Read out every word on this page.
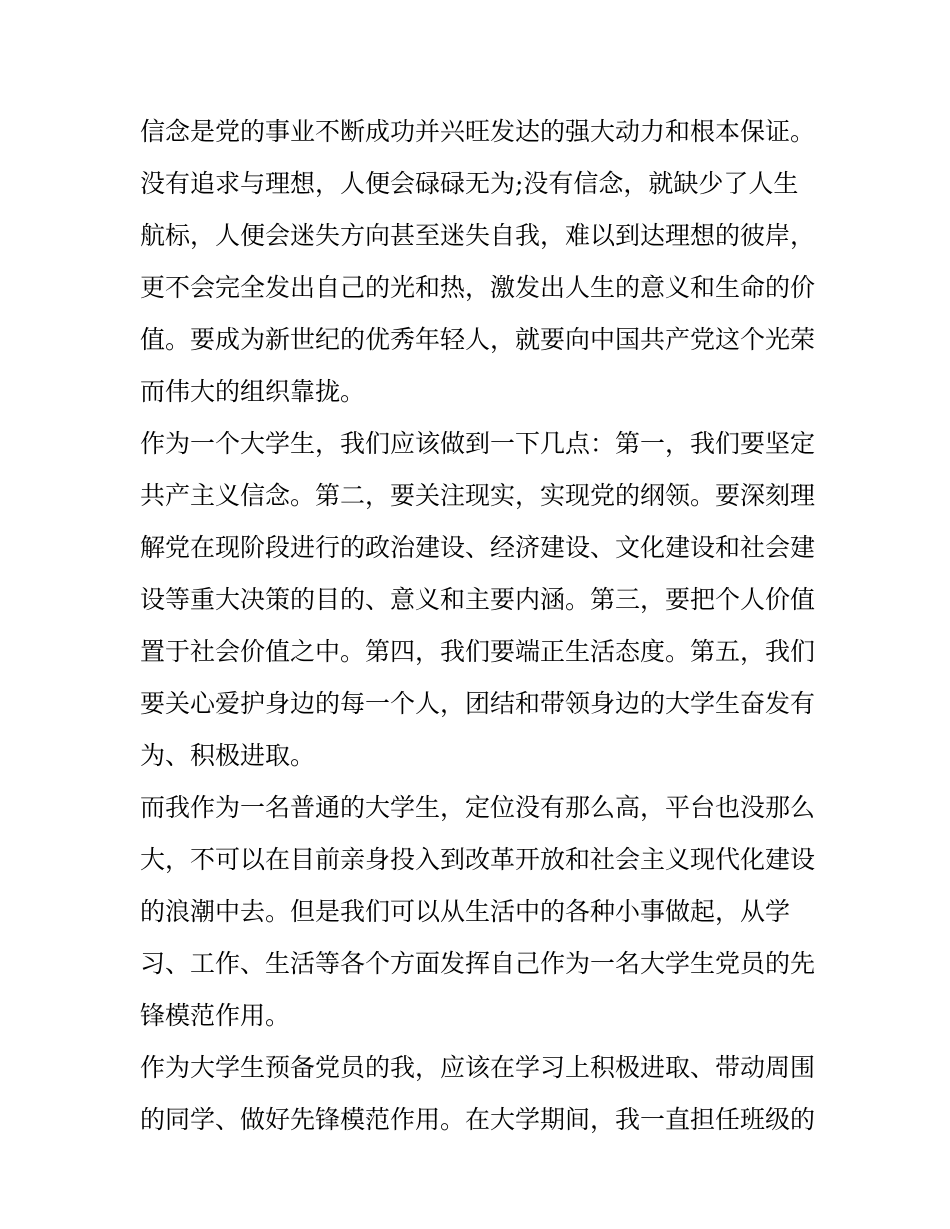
信念是党的事业不断成功并兴旺发达的强大动力和根本保证。
没有追求与理想，人便会碌碌无为;没有信念，就缺少了人生
航标，人便会迷失方向甚至迷失自我，难以到达理想的彼岸，
更不会完全发出自己的光和热，激发出人生的意义和生命的价
值。要成为新世纪的优秀年轻人，就要向中国共产党这个光荣
而伟大的组织靠拢。
作为一个大学生，我们应该做到一下几点：第一，我们要坚定
共产主义信念。第二，要关注现实，实现党的纲领。要深刻理
解党在现阶段进行的政治建设、经济建设、文化建设和社会建
设等重大决策的目的、意义和主要内涵。第三，要把个人价值
置于社会价值之中。第四，我们要端正生活态度。第五，我们
要关心爱护身边的每一个人，团结和带领身边的大学生奋发有
为、积极进取。
而我作为一名普通的大学生，定位没有那么高，平台也没那么
大，不可以在目前亲身投入到改革开放和社会主义现代化建设
的浪潮中去。但是我们可以从生活中的各种小事做起，从学
习、工作、生活等各个方面发挥自己作为一名大学生党员的先
锋模范作用。
作为大学生预备党员的我，应该在学习上积极进取、带动周围
的同学、做好先锋模范作用。在大学期间，我一直担任班级的
